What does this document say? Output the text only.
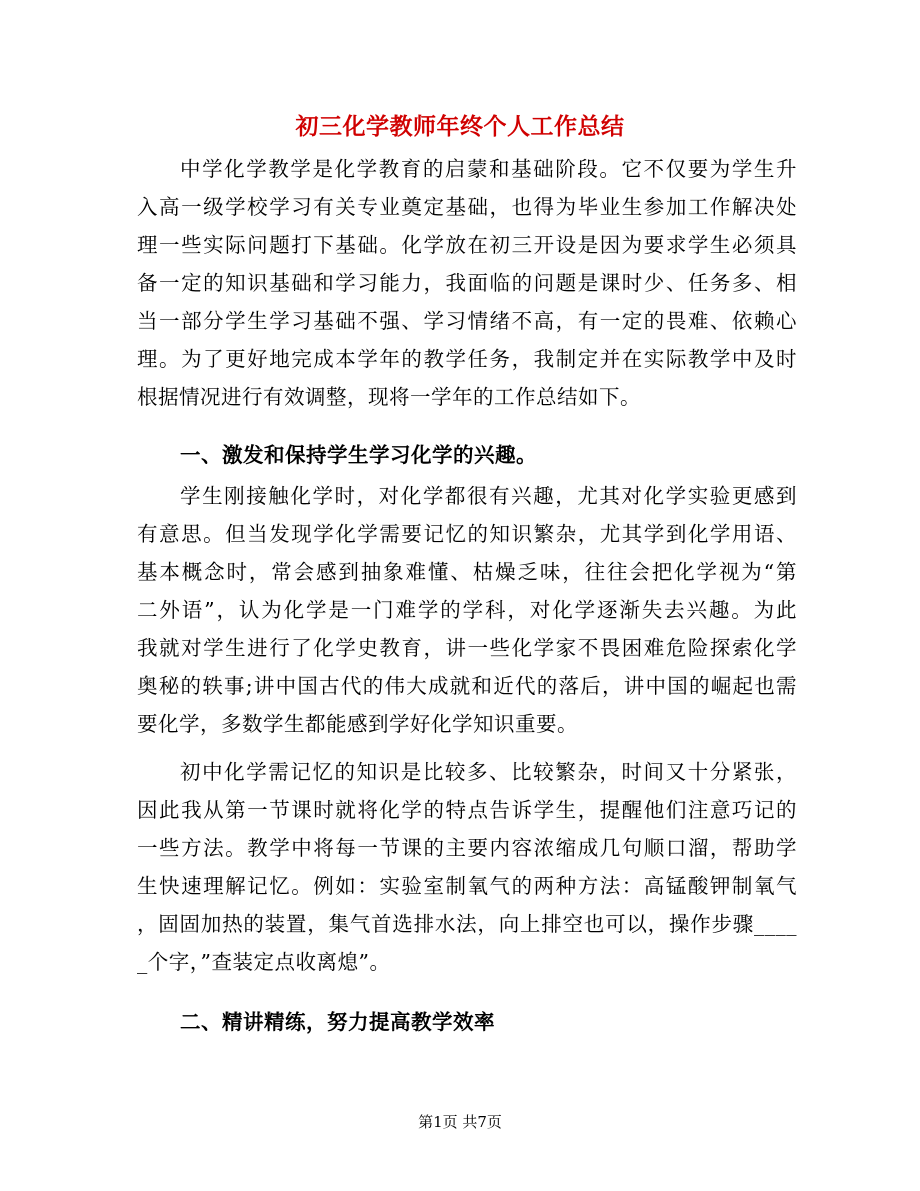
初三化学教师年终个人工作总结
中学化学教学是化学教育的启蒙和基础阶段。它不仅要为学生升
入高一级学校学习有关专业奠定基础，也得为毕业生参加工作解决处
理一些实际问题打下基础。化学放在初三开设是因为要求学生必须具
备一定的知识基础和学习能力，我面临的问题是课时少、任务多、相
当一部分学生学习基础不强、学习情绪不高，有一定的畏难、依赖心
理。为了更好地完成本学年的教学任务，我制定并在实际教学中及时
根据情况进行有效调整，现将一学年的工作总结如下。
一、激发和保持学生学习化学的兴趣。
学生刚接触化学时，对化学都很有兴趣，尤其对化学实验更感到
有意思。但当发现学化学需要记忆的知识繁杂，尤其学到化学用语、
基本概念时，常会感到抽象难懂、枯燥乏味，往往会把化学视为“第
二外语”，认为化学是一门难学的学科，对化学逐渐失去兴趣。为此
我就对学生进行了化学史教育，讲一些化学家不畏困难危险探索化学
奥秘的轶事;讲中国古代的伟大成就和近代的落后，讲中国的崛起也需
要化学，多数学生都能感到学好化学知识重要。
初中化学需记忆的知识是比较多、比较繁杂，时间又十分紧张，
因此我从第一节课时就将化学的特点告诉学生，提醒他们注意巧记的
一些方法。教学中将每一节课的主要内容浓缩成几句顺口溜，帮助学
生快速理解记忆。例如：实验室制氧气的两种方法：高锰酸钾制氧气
，固固加热的装置，集气首选排水法，向上排空也可以，操作步骤____
_个字，”查装定点收离熄”。
二、精讲精练，努力提高教学效率
第1页 共7页
